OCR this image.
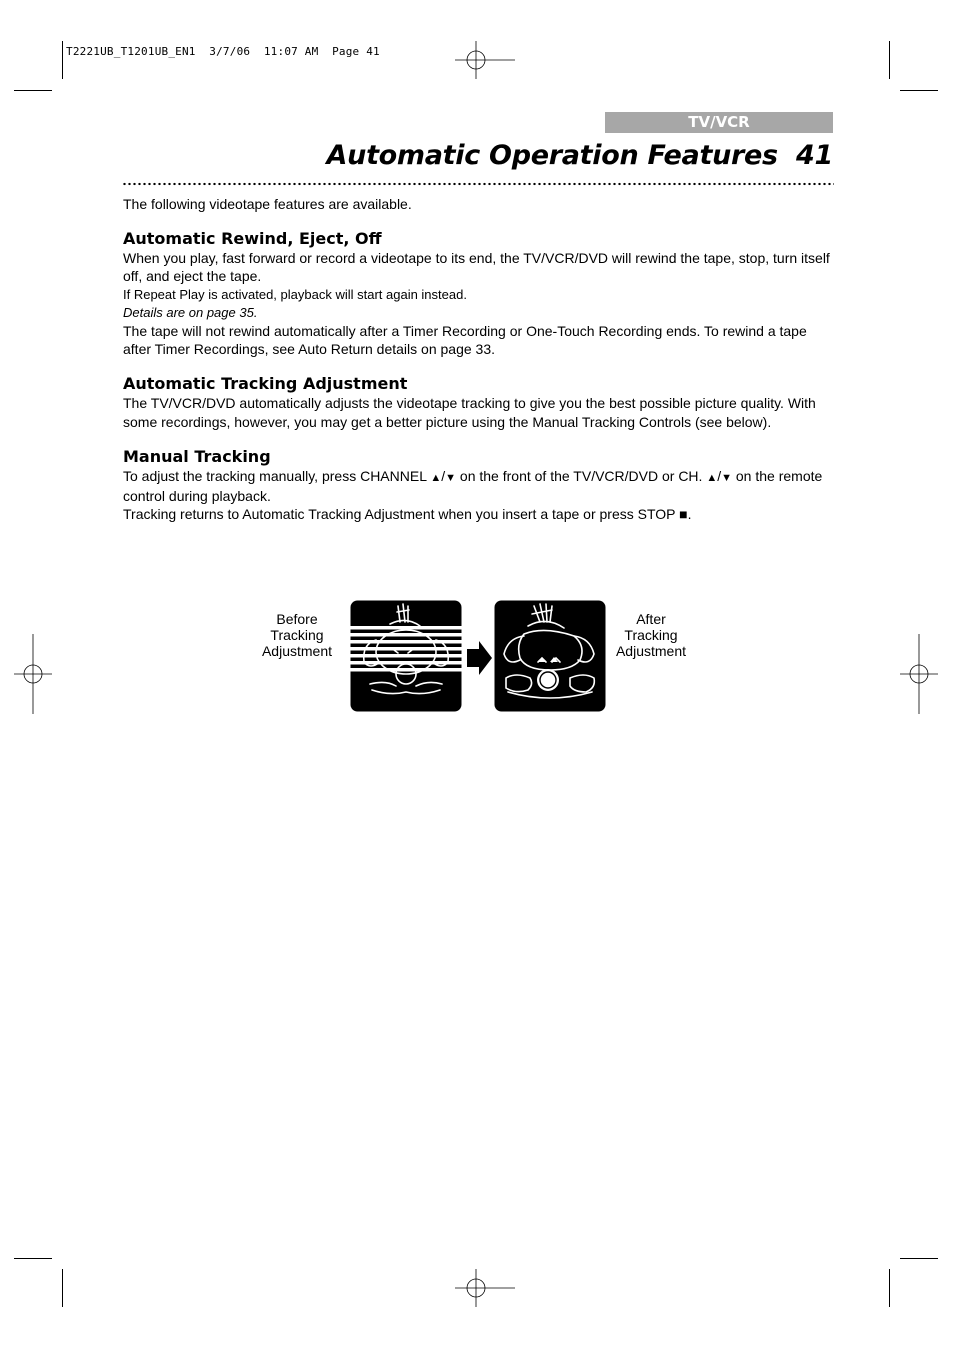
T2221UB_T1201UB_EN1  3/7/06  11:07 AM  Page 41
TV/VCR
Automatic Operation Features 41

The following videotape features are available.

Automatic Rewind, Eject, Off

When you play, fast forward or record a videotape to its end, the TV/VCR/DVD will rewind the tape, stop, turn itself off, and eject the tape.

If Repeat Play is activated, playback will start again instead.

Details are on page 35.

The tape will not rewind automatically after a Timer Recording or One-Touch Recording ends. To rewind a tape after Timer Recordings, see Auto Return details on page 33.

Automatic Tracking Adjustment

The TV/VCR/DVD automatically adjusts the videotape tracking to give you the best possible picture quality. With some recordings, however, you may get a better picture using the Manual Tracking Controls (see below).

Manual Tracking

To adjust the tracking manually, press CHANNEL ▲/▼ on the front of the TV/VCR/DVD or CH. ▲/▼ on the remote control during playback.

Tracking returns to Automatic Tracking Adjustment when you insert a tape or press STOP ■.

Before
Tracking
Adjustment
After
Tracking
Adjustment
